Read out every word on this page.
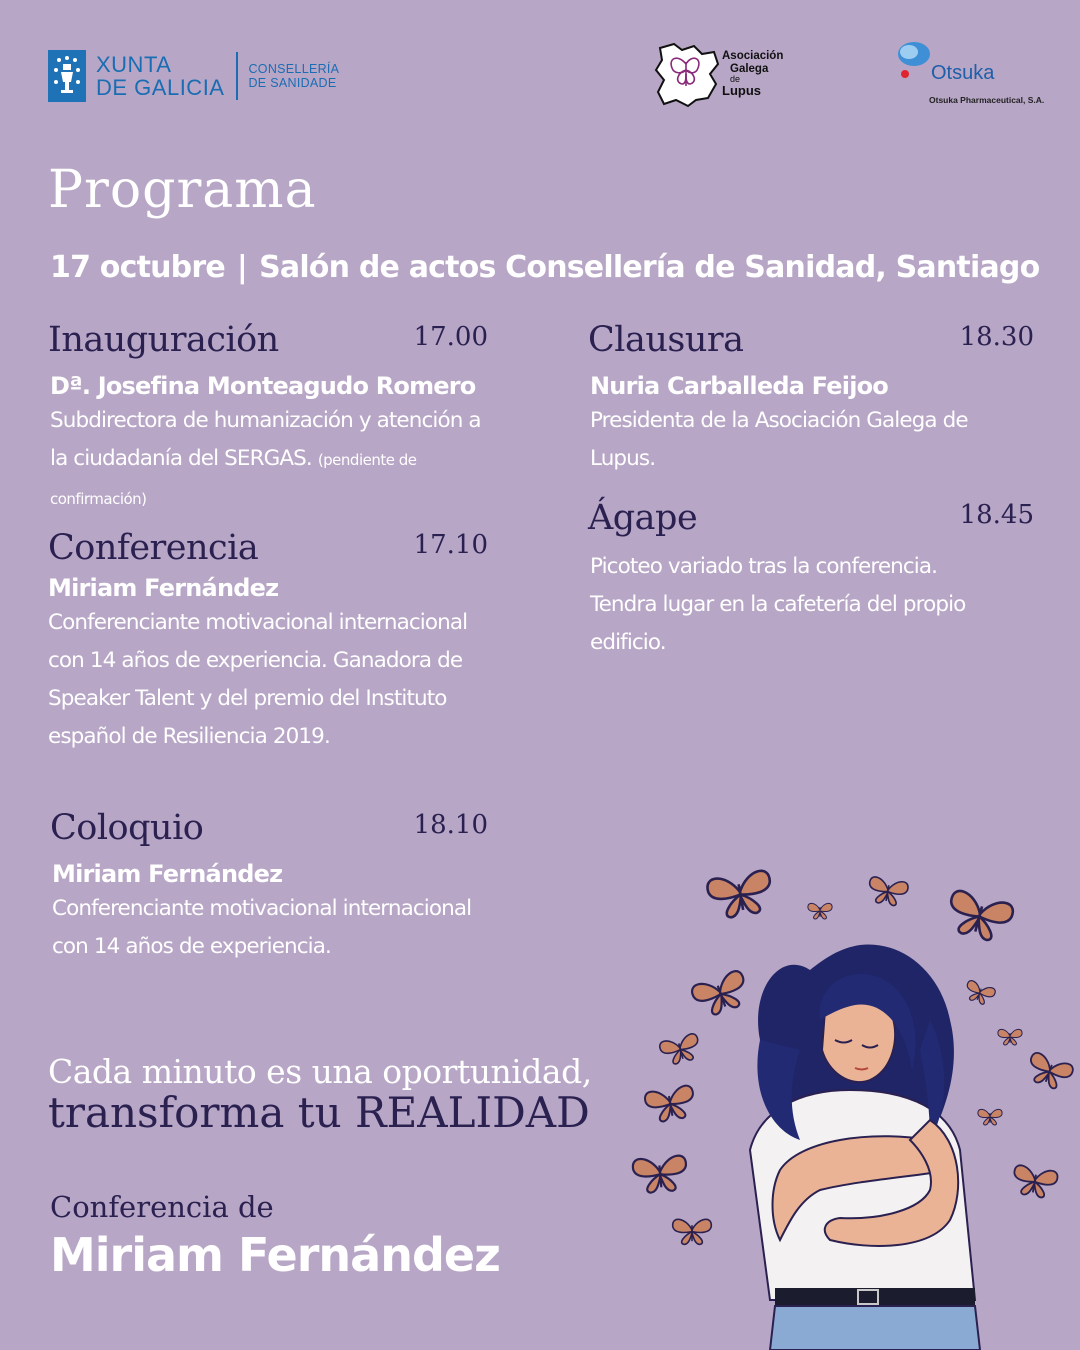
XUNTA
DE GALICIA
CONSELLERÍA
DE SANIDADE
Asociación
Galega
de
Lupus
Otsuka
Otsuka Pharmaceutical, S.A.
Programa
17 octubre | Salón de actos Consellería de Sanidad, Santiago
Inauguración	17.00
Dª. Josefina Monteagudo Romero
Subdirectora de humanización y atención a la ciudadanía del SERGAS. (pendiente de confirmación)
Conferencia	17.10
Miriam Fernández
Conferenciante motivacional internacional con 14 años de experiencia. Ganadora de Speaker Talent y del premio del Instituto español de Resiliencia 2019.
Coloquio	18.10
Miriam Fernández
Conferenciante motivacional internacional con 14 años de experiencia.
Clausura	18.30
Nuria Carballeda Feijoo
Presidenta de la Asociación Galega de Lupus.
Ágape	18.45
Picoteo variado tras la conferencia. Tendra lugar en la cafetería del propio edificio.
Cada minuto es una oportunidad,
transforma tu REALIDAD
Conferencia de
Miriam Fernández
